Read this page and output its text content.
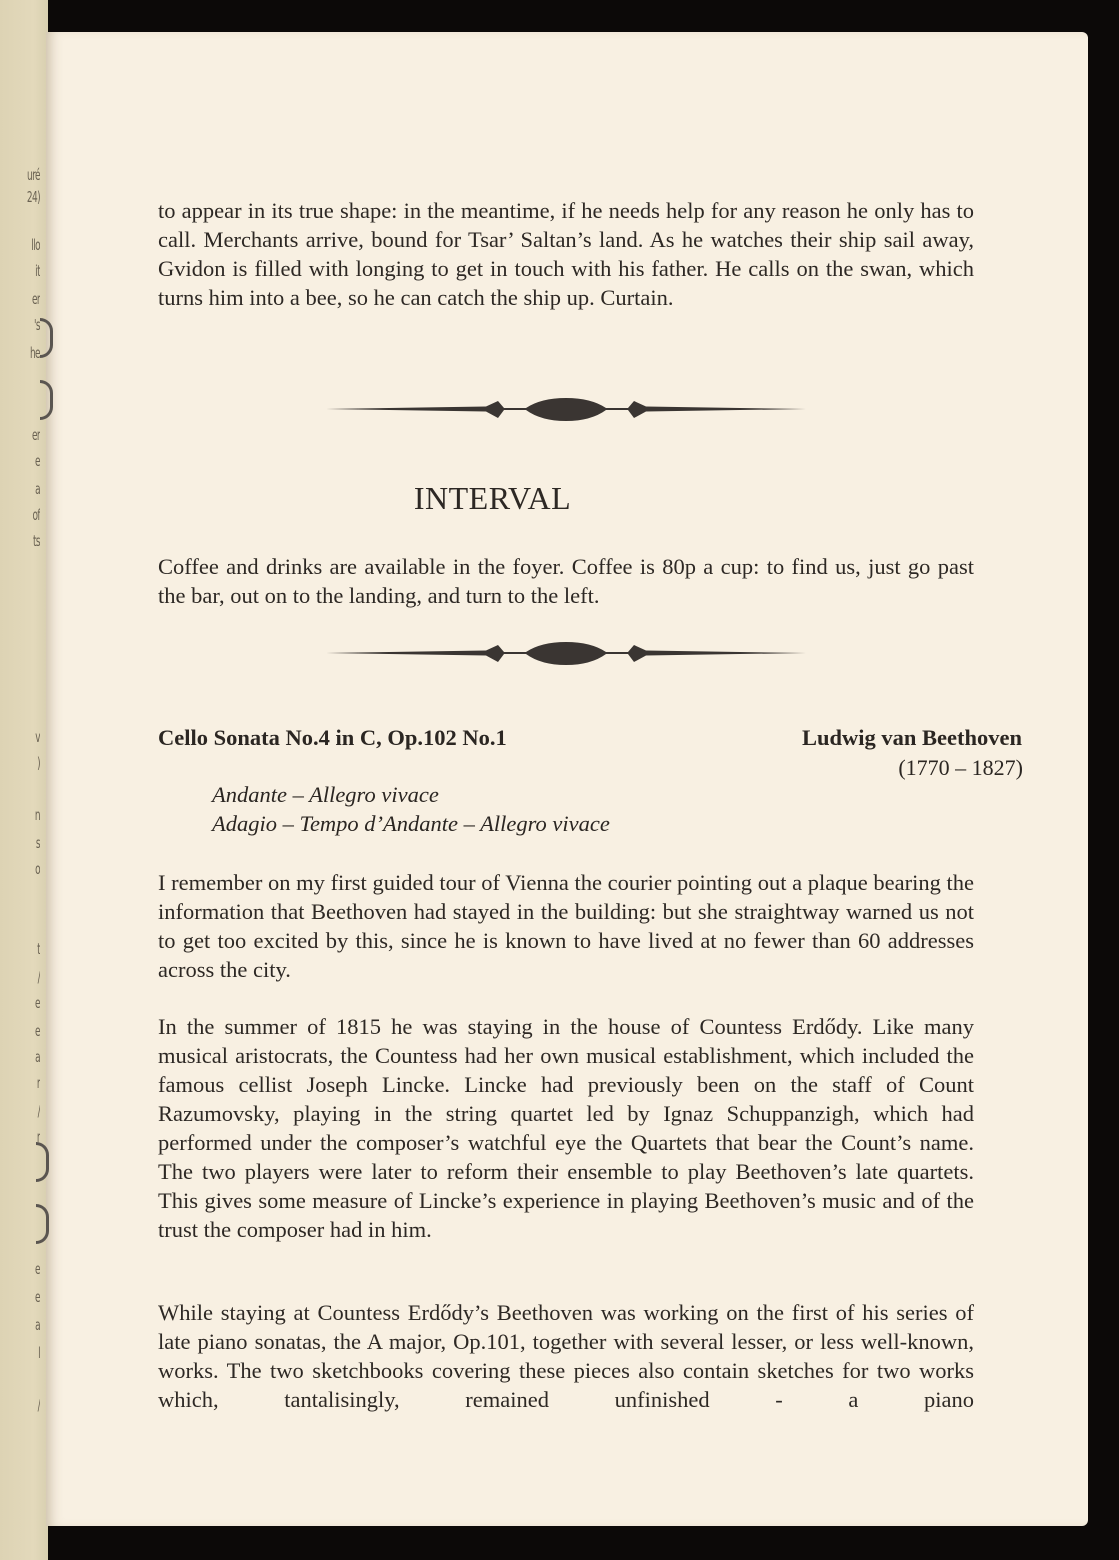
uré
24)
llo
it
er
's
he
er
e
a
of
ts
v
)
n
s
o
t
/
e
e
a
r
/
r
e
e
a
l
/
to appear in its true shape: in the meantime, if he needs help for any reason he only has to call. Merchants arrive, bound for Tsar’ Saltan’s land. As he watches their ship sail away, Gvidon is filled with longing to get in touch with his father. He calls on the swan, which turns him into a bee, so he can catch the ship up. Curtain.
INTERVAL
Coffee and drinks are available in the foyer. Coffee is 80p a cup: to find us, just go past the bar, out on to the landing, and turn to the left.
Cello Sonata No.4 in C, Op.102 No.1	Ludwig van Beethoven
(1770 – 1827)
Andante – Allegro vivace
Adagio – Tempo d’Andante – Allegro vivace
I remember on my first guided tour of Vienna the courier pointing out a plaque bearing the information that Beethoven had stayed in the building: but she straightway warned us not to get too excited by this, since he is known to have lived at no fewer than 60 addresses across the city.
In the summer of 1815 he was staying in the house of Countess Erdődy. Like many musical aristocrats, the Countess had her own musical establishment, which included the famous cellist Joseph Lincke. Lincke had previously been on the staff of Count Razumovsky, playing in the string quartet led by Ignaz Schuppanzigh, which had performed under the composer’s watchful eye the Quartets that bear the Count’s name. The two players were later to reform their ensemble to play Beethoven’s late quartets. This gives some measure of Lincke’s experience in playing Beethoven’s music and of the trust the composer had in him.
While staying at Countess Erdődy’s Beethoven was working on the first of his series of late piano sonatas, the A major, Op.101, together with several lesser, or less well-known, works. The two sketchbooks covering these pieces also contain sketches for two works which, tantalisingly, remained unfinished - a piano
